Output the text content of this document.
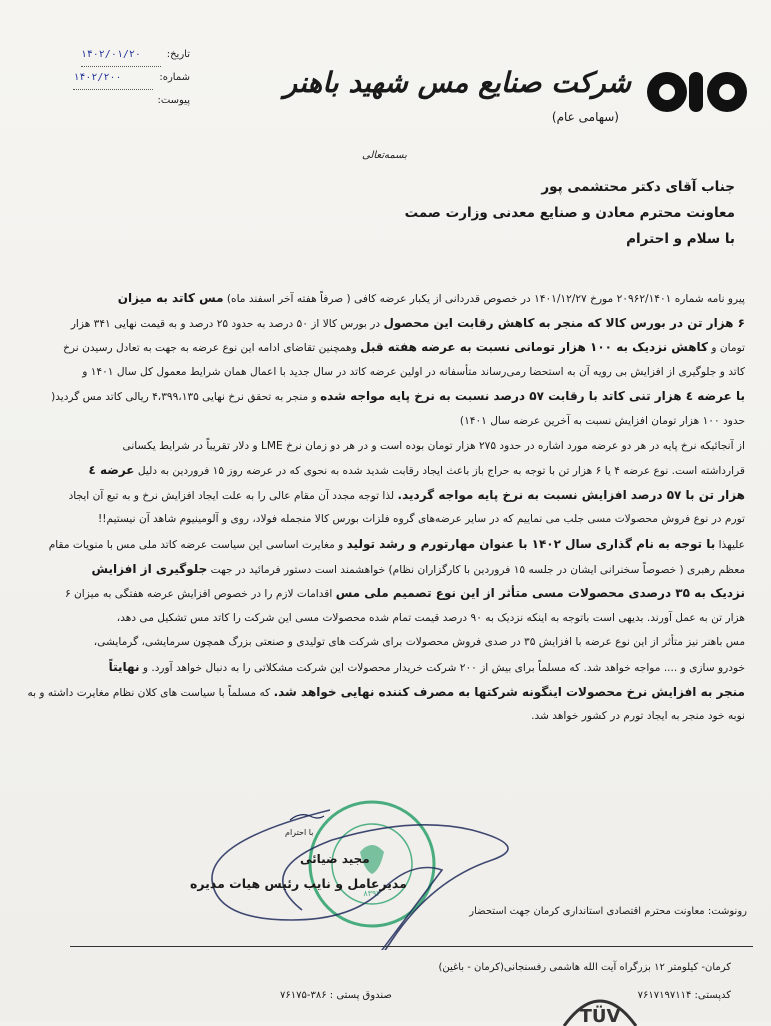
شرکت صنایع مس شهید باهنر
(سهامی عام)
تاریخ:
۱۴۰۲/۰۱/۲۰
شماره:
۱۴۰۲/۲۰۰
پیوست:
بسمه‌تعالی
جناب آقای دکتر محتشمی پور
معاونت محترم معادن و صنایع معدنی وزارت صمت
با سلام و احترام
پیرو نامه شماره ۲۰۹۶۲/۱۴۰۱ مورخ ۱۴۰۱/۱۲/۲۷ در خصوص قدردانی از یکبار عرضه کافی ( صرفاً هفته آخر اسفند ماه) مس کاتد به میزان
۶ هزار تن در بورس کالا که منجر به کاهش رقابت این محصول در بورس کالا از ۵۰ درصد به حدود ۲۵ درصد و به قیمت نهایی ۳۴۱ هزار
تومان و کاهش نزدیک به ۱۰۰ هزار تومانی نسبت به عرضه هفته قبل وهمچنین تقاضای ادامه این نوع عرضه به جهت به تعادل رسیدن نرخ
کاتد و جلوگیری از افزایش بی رویه آن به استحضا رمی‌رساند متأسفانه در اولین عرضه کاتد در سال جدید با اعمال همان شرایط معمول کل سال ۱۴۰۱ و
با عرضه ٤ هزار تنی کاتد با رقابت ۵۷ درصد نسبت به نرخ پایه مواجه شده و منجر به تحقق نرخ نهایی ۴،۳۹۹،۱۳۵ ریالی کاتد مس گردید(
حدود ۱۰۰ هزار تومان افزایش نسبت به آخرین عرضه سال ۱۴۰۱)
از آنجائیکه نرخ پایه در هر دو عرضه مورد اشاره در حدود ۲۷۵ هزار تومان بوده است و در هر دو زمان نرخ LME و دلار تقریباً در شرایط یکسانی
قرارداشته است. نوع عرضه ۴ یا ۶ هزار تن با توجه به حراج باز باعث ایجاد رقابت شدید شده به نحوی که در عرضه روز ۱۵ فروردین به دلیل عرضه ٤
هزار تن با ۵۷ درصد افزایش نسبت به نرخ پایه مواجه گردید. لذا توجه مجدد آن مقام عالی را به علت ایجاد افزایش نرخ و به تبع آن ایجاد
تورم در نوع فروش محصولات مسی جلب می نماییم که در سایر عرضه‌های گروه فلزات بورس کالا منجمله فولاد، روی و آلومینیوم شاهد آن نیستیم!!
علیهذا با توجه به نام گذاری سال ۱۴۰۲ با عنوان مهارتورم و رشد تولید و مغایرت اساسی این سیاست عرضه کاتد ملی مس با منویات مقام
معظم رهبری ( خصوصاً سخنرانی ایشان در جلسه ۱۵ فروردین با کارگزاران نظام) خواهشمند است دستور فرمائید در جهت جلوگیری از افزایش
نزدیک به ۳۵ درصدی محصولات مسی متأثر از این نوع تصمیم ملی مس اقدامات لازم را در خصوص افزایش عرضه هفتگی به میزان ۶
هزار تن به عمل آورند. بدیهی است باتوجه به اینکه نزدیک به ۹۰ درصد قیمت تمام شده محصولات مسی این شرکت را کاتد مس تشکیل می دهد،
مس باهنر نیز متأثر از این نوع عرضه با افزایش ۳۵ در صدی فروش محصولات برای شرکت های تولیدی و صنعتی بزرگ همچون سرمایشی، گرمایشی،
خودرو سازی و .... مواجه خواهد شد. که مسلماً برای بیش از ۲۰۰ شرکت خریدار محصولات این شرکت مشکلاتی را به دنبال خواهد آورد. و نهایتاً
منجر به افزایش نرخ محصولات اینگونه شرکتها به مصرف کننده نهایی خواهد شد. که مسلماً با سیاست های کلان نظام مغایرت داشته و به
نوبه خود منجر به ایجاد تورم در کشور خواهد شد.
۸۳۹۳
با احترام
مجید ضیائی
مدیرعامل و نایب رئیس هیات مدیره
رونوشت: معاونت محترم اقتصادی استانداری کرمان جهت استحضار
کرمان- کیلومتر ۱۲ بزرگراه آیت الله هاشمی رفسنجانی(کرمان - باغین)
کدپستی: ۷۶۱۷۱۹۷۱۱۴
صندوق پستی : ۳۸۶-۷۶۱۷۵
TÜV
